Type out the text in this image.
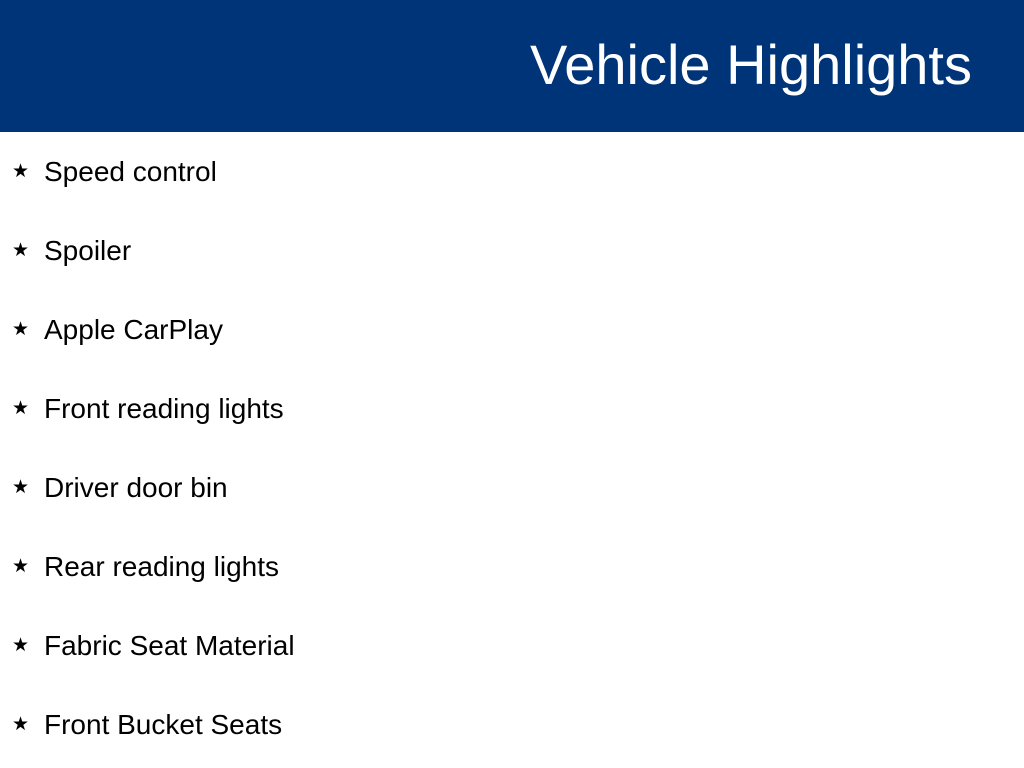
Vehicle Highlights
★ Speed control
★ Spoiler
★ Apple CarPlay
★ Front reading lights
★ Driver door bin
★ Rear reading lights
★ Fabric Seat Material
★ Front Bucket Seats
